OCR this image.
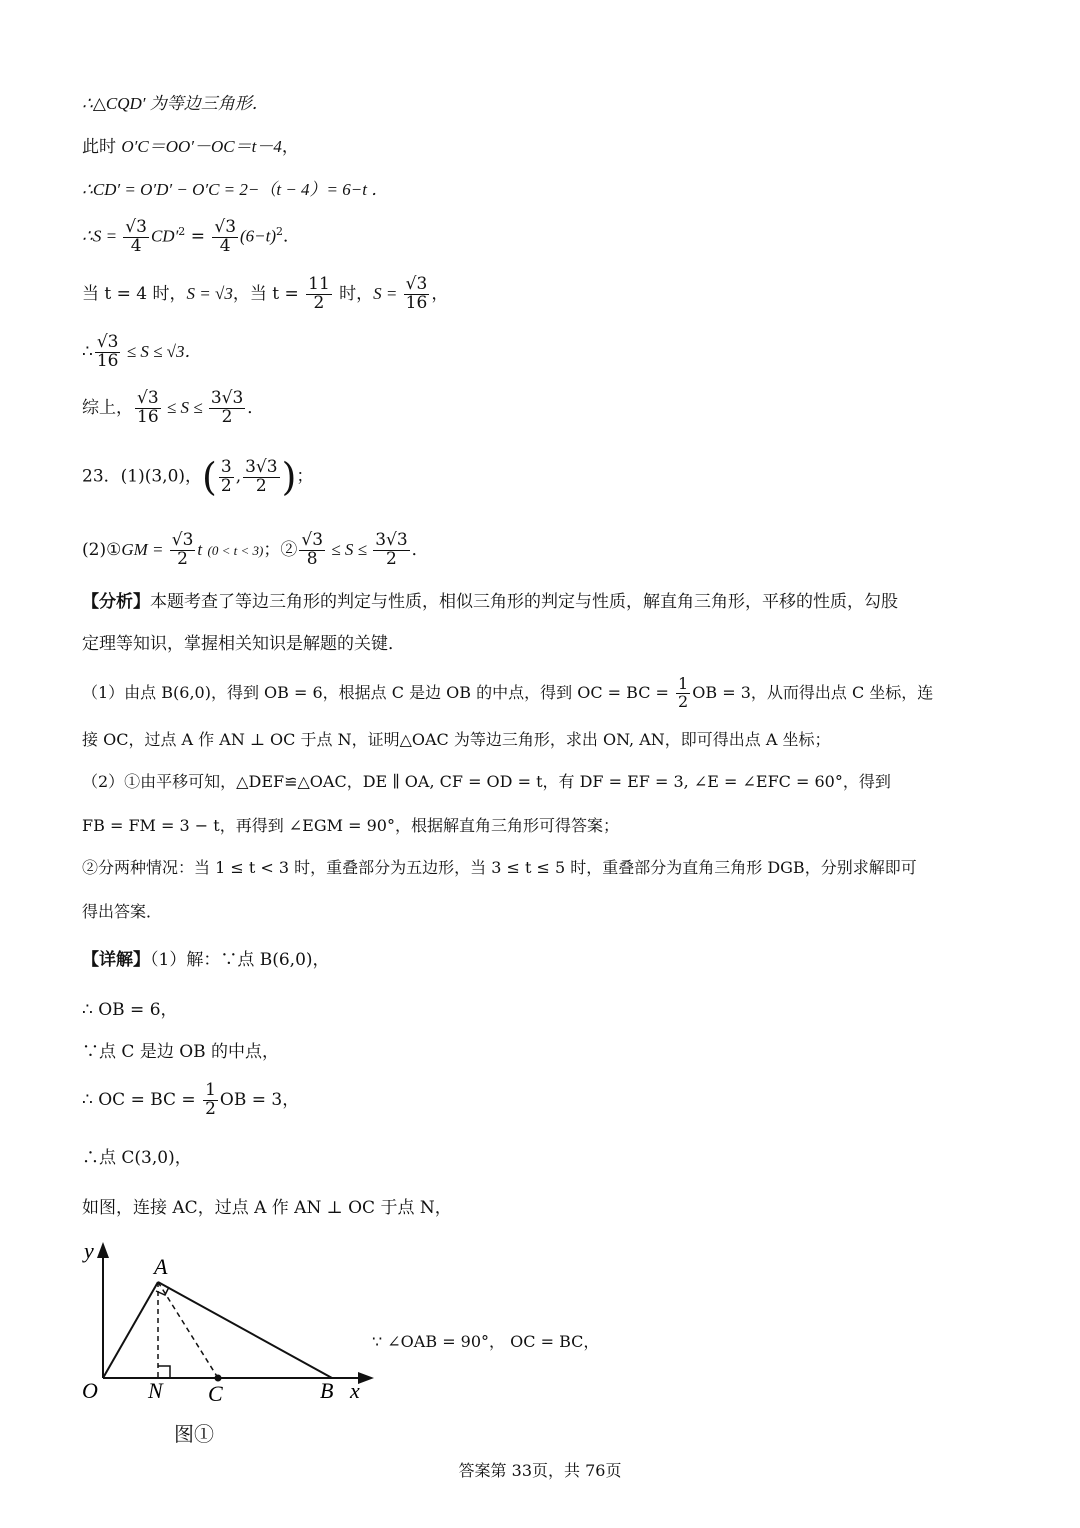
∴△CQD′ 为等边三角形．
此时 O′C＝OO′－OC＝t－4，
∴CD′ = O′D′ − O′C = 2−（t − 4）= 6−t ．
∴S = $\frac{√3}{4} CD'^2 = \frac{√3}{4} (6-t)^2$．
当 t = 4 时，S = √3，当 $t = \frac{11}{2}$ 时，$S = \frac{√3}{16}$ ，
∴ $\frac{√3}{16} \le S \le √3$．
综上， $\frac{√3}{16} \le S \le \frac{3√3}{2}$ ．
23．(1)(3,0)，( $\frac{3}{2}$ , $\frac{3√3}{2}$ )；
(2)①GM = $\frac{√3}{2}$ t (0 < t < 3)；② $\frac{√3}{8} \le S \le \frac{3√3}{2}$ ．
【分析】本题考查了等边三角形的判定与性质，相似三角形的判定与性质，解直角三角形，平移的性质，勾股
定理等知识，掌握相关知识是解题的关键．
（1）由点 B(6,0)，得到 OB = 6，根据点 C 是边 OB 的中点，得到 OC = BC = $\frac{1}{2}$ OB = 3，从而得出点 C 坐标，连
接 OC，过点 A 作 AN ⊥ OC 于点 N，证明△OAC 为等边三角形，求出 ON, AN，即可得出点 A 坐标；
（2）①由平移可知，△DEF≌△OAC，DE ∥ OA, CF = OD = t，有 DF = EF = 3, ∠E = ∠EFC = 60°，得到
FB = FM = 3 − t，再得到 ∠EGM = 90°，根据解直角三角形可得答案；
②分两种情况：当 1 ≤ t < 3 时，重叠部分为五边形，当 3 ≤ t ≤ 5 时，重叠部分为直角三角形 DGB，分别求解即可
得出答案．
【详解】（1）解：∵点 B(6,0)，
∴ OB = 6，
∵点 C 是边 OB 的中点，
∴ OC = BC = $\frac{1}{2}$ OB = 3，
∴点 C(3,0)，
如图，连接 AC，过点 A 作 AN ⊥ OC 于点 N，
y
A
O N C	B x
图①
∵ ∠OAB = 90°， OC = BC，
答案第 33页，共 76页
